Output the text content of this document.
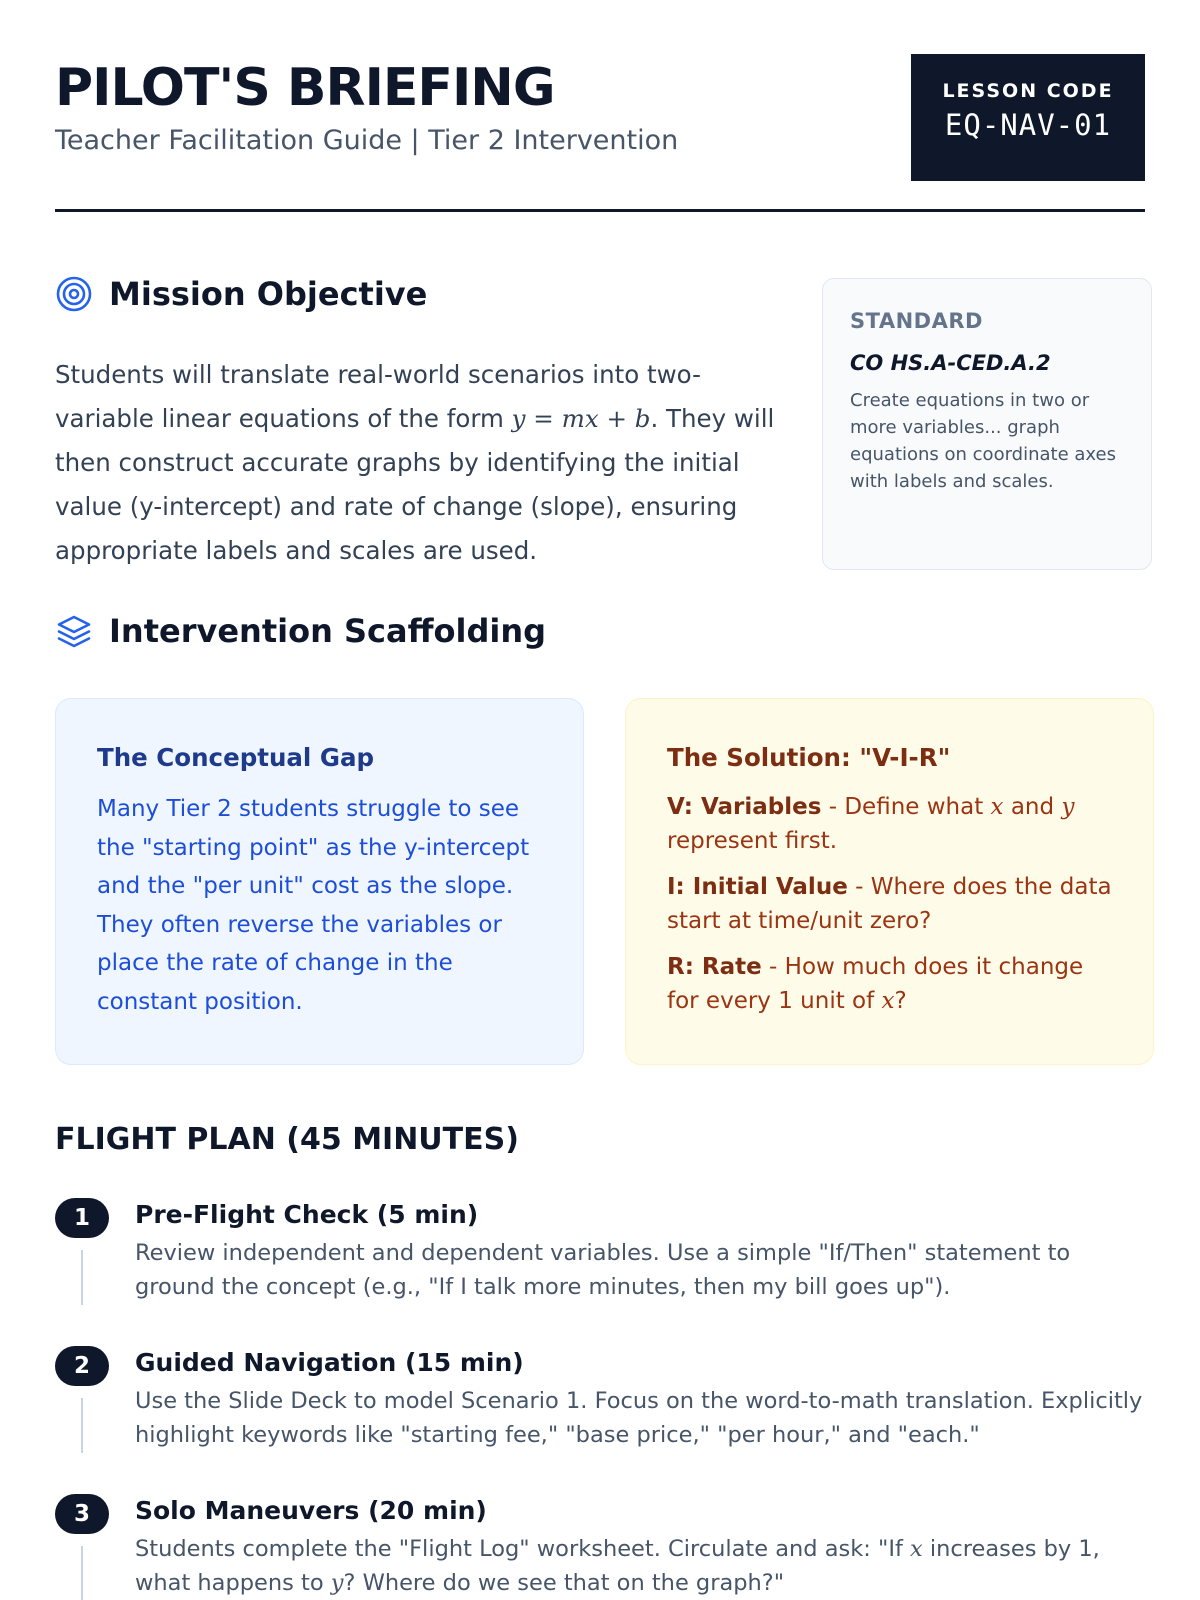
PILOT'S BRIEFING
Teacher Facilitation Guide | Tier 2 Intervention
LESSON CODE
EQ-NAV-01
Mission Objective

Students will translate real-world scenarios into two-variable linear equations of the form y = mx + b. They will then construct accurate graphs by identifying the initial value (y-intercept) and rate of change (slope), ensuring appropriate labels and scales are used.

STANDARD
CO HS.A-CED.A.2
Create equations in two or more variables... graph equations on coordinate axes with labels and scales.
Intervention Scaffolding
The Conceptual Gap
Many Tier 2 students struggle to see the "starting point" as the y-intercept and the "per unit" cost as the slope. They often reverse the variables or place the rate of change in the constant position.
The Solution: "V-I-R"
V: Variables - Define what x and y represent first.
I: Initial Value - Where does the data start at time/unit zero?
R: Rate - How much does it change for every 1 unit of x?
FLIGHT PLAN (45 MINUTES)
1	Pre-Flight Check (5 min)
Review independent and dependent variables. Use a simple "If/Then" statement to ground the concept (e.g., "If I talk more minutes, then my bill goes up").
2	Guided Navigation (15 min)
Use the Slide Deck to model Scenario 1. Focus on the word-to-math translation. Explicitly highlight keywords like "starting fee," "base price," "per hour," and "each."
3	Solo Maneuvers (20 min)
Students complete the "Flight Log" worksheet. Circulate and ask: "If x increases by 1, what happens to y? Where do we see that on the graph?"
